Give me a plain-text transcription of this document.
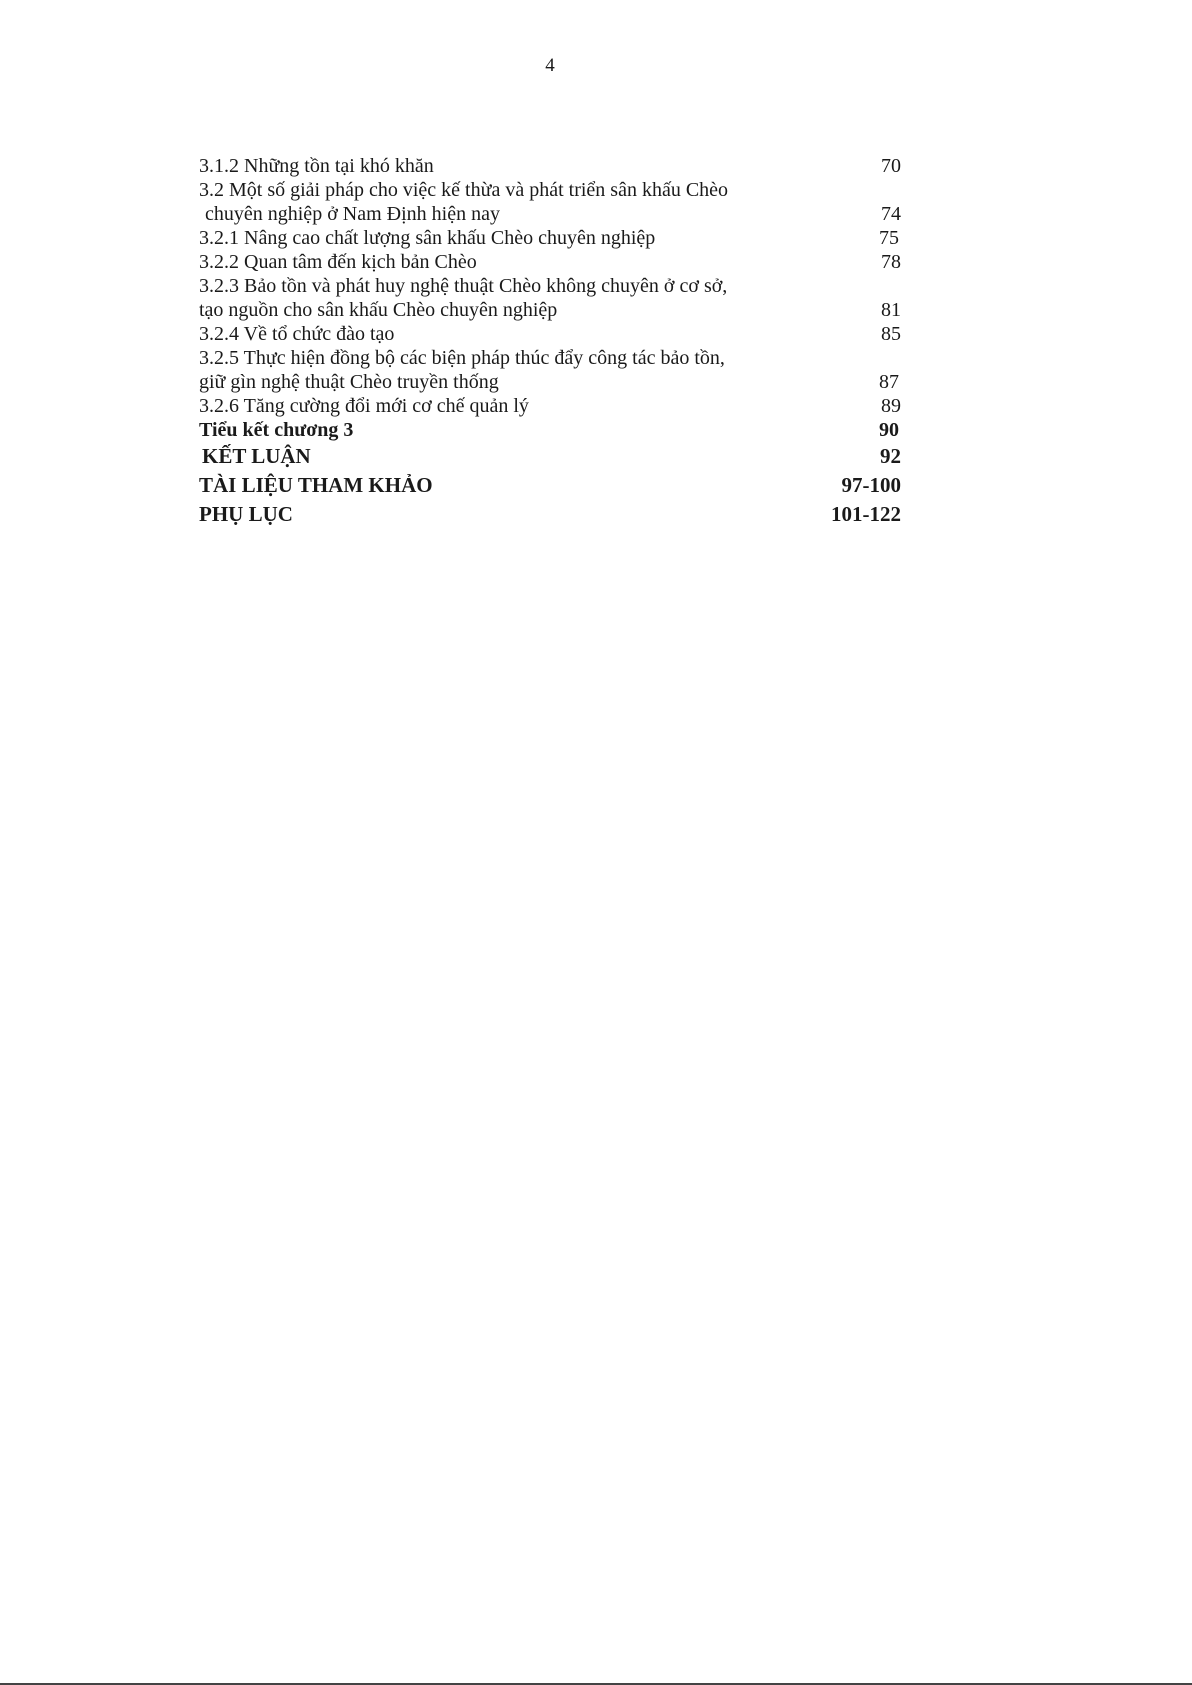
4
3.1.2 Những tồn tại khó khăn	70
3.2 Một số giải pháp cho việc kế thừa và phát triển sân khấu Chèo
chuyên nghiệp ở Nam Định hiện nay	74
3.2.1 Nâng cao chất lượng sân khấu Chèo chuyên nghiệp	75
3.2.2 Quan tâm đến kịch bản Chèo	78
3.2.3 Bảo tồn và phát huy nghệ thuật Chèo không chuyên ở cơ sở,
tạo nguồn cho sân khấu Chèo chuyên nghiệp	81
3.2.4 Về tổ chức đào tạo	85
3.2.5 Thực hiện đồng bộ các biện pháp thúc đẩy công tác bảo tồn,
giữ gìn nghệ thuật Chèo truyền thống	87
3.2.6 Tăng cường đổi mới cơ chế quản lý	89
Tiểu kết chương 3	90
KẾT LUẬN	92
TÀI LIỆU THAM KHẢO	97-100
PHỤ LỤC	101-122
